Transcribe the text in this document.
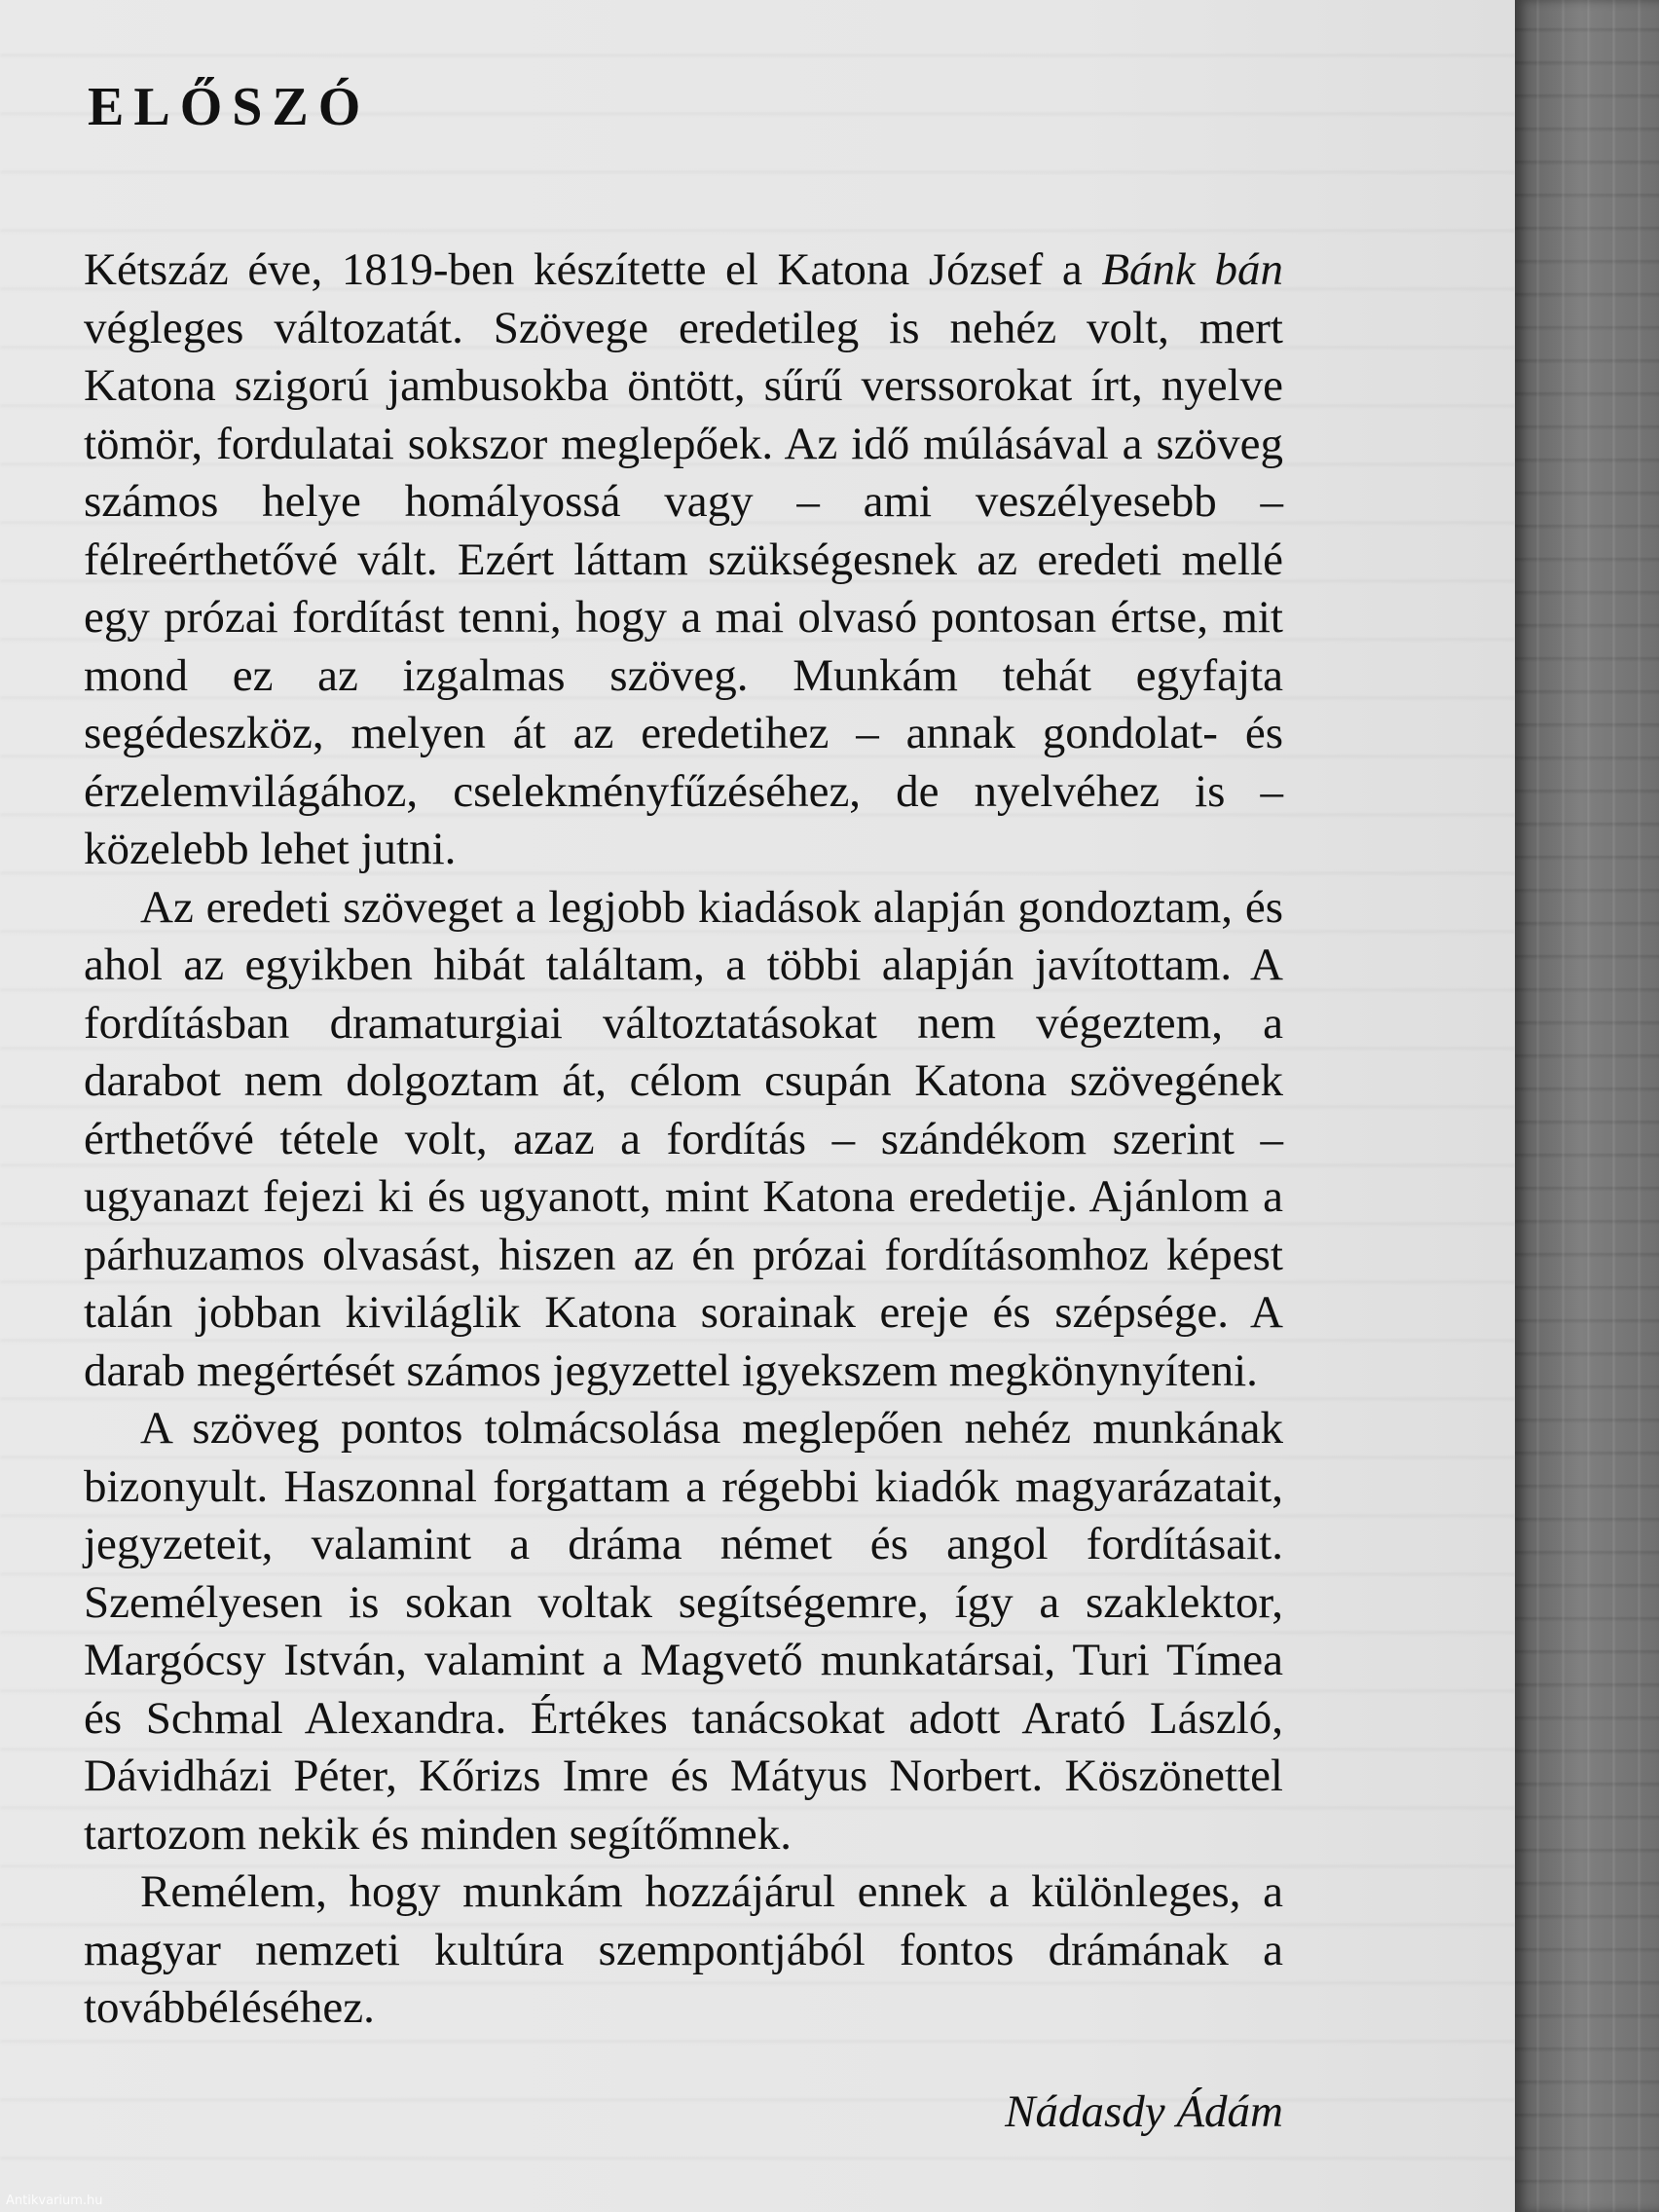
ELŐSZÓ

Kétszáz éve, 1819-ben készítette el Katona József a Bánk bán végleges változatát. Szövege eredetileg is nehéz volt, mert Katona szigorú jambusokba öntött, sűrű verssorokat írt, nyelve tömör, fordulatai sokszor meglepőek. Az idő múlásával a szöveg számos helye homályossá vagy – ami veszélyesebb – félreérthetővé vált. Ezért láttam szükségesnek az eredeti mellé egy prózai fordítást tenni, hogy a mai olvasó pontosan értse, mit mond ez az izgalmas szöveg. Munkám tehát egyfajta segédeszköz, melyen át az eredetihez – annak gondolat- és érzelemvilágához, cselekményfűzéséhez, de nyelvéhez is – közelebb lehet jutni.

Az eredeti szöveget a legjobb kiadások alapján gondoztam, és ahol az egyikben hibát találtam, a többi alapján javítottam. A fordításban dramaturgiai változtatásokat nem végeztem, a darabot nem dolgoztam át, célom csupán Katona szövegének érthetővé tétele volt, azaz a fordítás – szándékom szerint – ugyanazt fejezi ki és ugyanott, mint Katona eredetije. Ajánlom a párhuzamos olvasást, hiszen az én prózai fordításomhoz képest talán jobban kiviláglik Katona sorainak ereje és szépsége. A darab megértését számos jegyzettel igyekszem megkönynyíteni.

A szöveg pontos tolmácsolása meglepően nehéz munkának bizonyult. Haszonnal forgattam a régebbi kiadók magyarázatait, jegyzeteit, valamint a dráma német és angol fordításait. Személyesen is sokan voltak segítségemre, így a szaklektor, Margócsy István, valamint a Magvető munkatársai, Turi Tímea és Schmal Alexandra. Értékes tanácsokat adott Arató László, Dávidházi Péter, Kőrizs Imre és Mátyus Norbert. Köszönettel tartozom nekik és minden segítőmnek.

Remélem, hogy munkám hozzájárul ennek a különleges, a magyar nemzeti kultúra szempontjából fontos drámának a továbbéléséhez.

Nádasdy Ádám
Antikvarium.hu
